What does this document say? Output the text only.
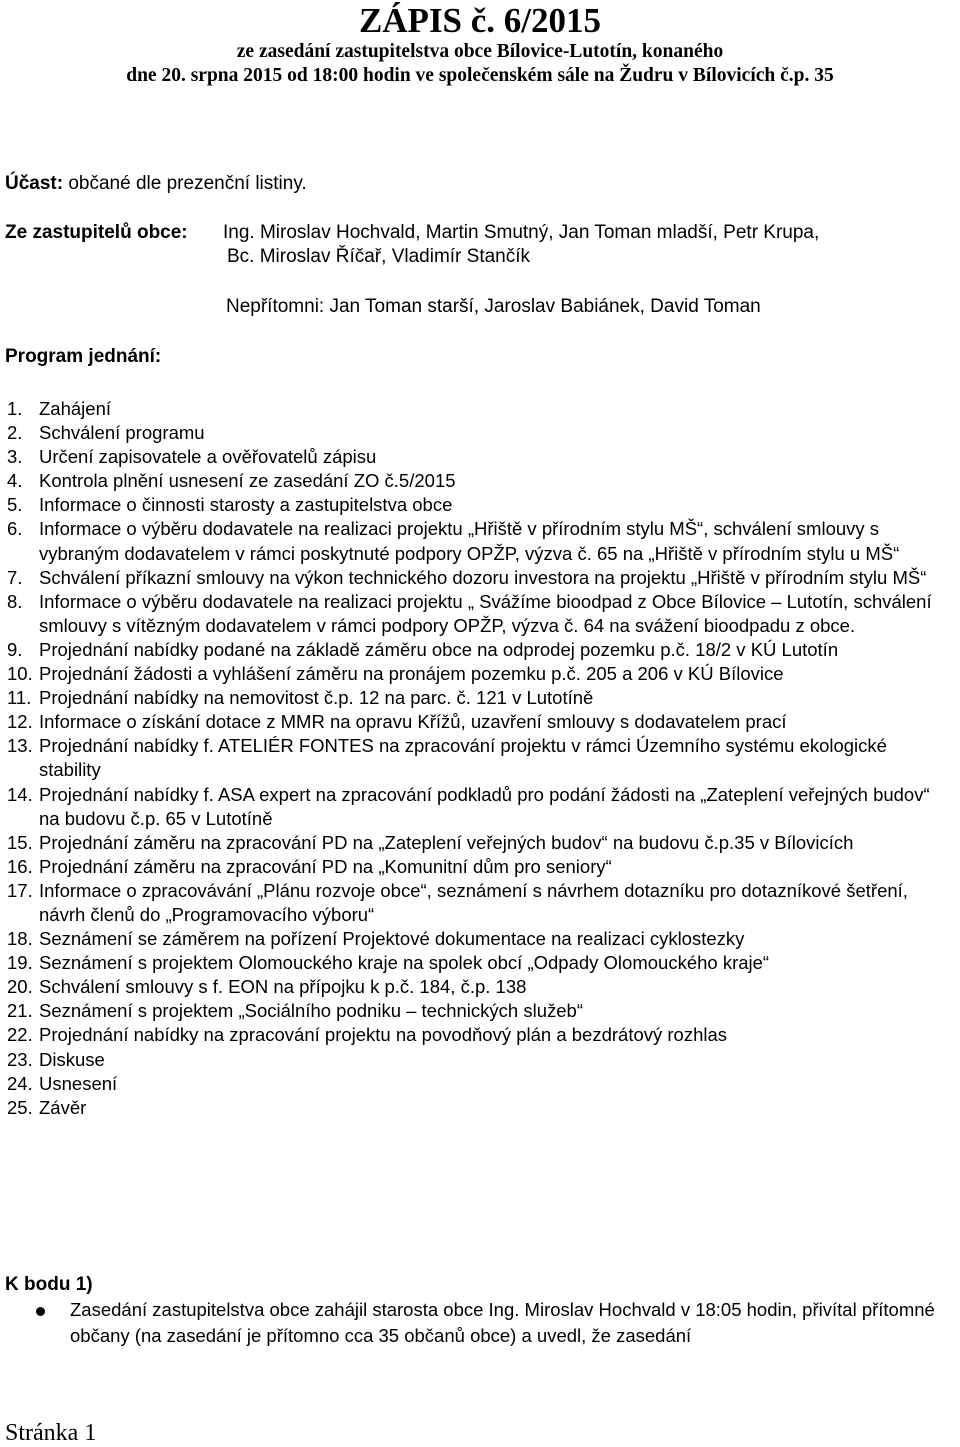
ZÁPIS č. 6/2015
ze zasedání zastupitelstva obce Bílovice-Lutotín, konaného
dne 20. srpna 2015 od 18:00 hodin ve společenském sále na Žudru v Bílovicích č.p. 35
Účast: občané dle prezenční listiny.
Ze zastupitelů obce: Ing. Miroslav Hochvald, Martin Smutný, Jan Toman mladší, Petr Krupa,
Bc. Miroslav Říčař, Vladimír Stančík
Nepřítomni: Jan Toman starší, Jaroslav Babiánek, David Toman
Program jednání:
1. Zahájení
2. Schválení programu
3. Určení zapisovatele a ověřovatelů zápisu
4. Kontrola plnění usnesení ze zasedání ZO č.5/2015
5. Informace o činnosti starosty a zastupitelstva obce
6. Informace o výběru dodavatele na realizaci projektu „Hřiště v přírodním stylu MŠ“, schválení smlouvy s vybraným dodavatelem v rámci poskytnuté podpory OPŽP, výzva č. 65 na „Hřiště v přírodním stylu u MŠ“
7. Schválení příkazní smlouvy na výkon technického dozoru investora na projektu „Hřiště v přírodním stylu MŠ“
8. Informace o výběru dodavatele na realizaci projektu „ Svážíme bioodpad z Obce Bílovice – Lutotín, schválení smlouvy s vítězným dodavatelem v rámci podpory OPŽP, výzva č. 64 na svážení bioodpadu z obce.
9. Projednání nabídky podané na základě záměru obce na odprodej pozemku p.č. 18/2 v KÚ Lutotín
10. Projednání žádosti a vyhlášení záměru na pronájem pozemku p.č. 205 a 206 v KÚ Bílovice
11. Projednání nabídky na nemovitost č.p. 12 na parc. č. 121 v Lutotíně
12. Informace o získání dotace z MMR na opravu Křížů, uzavření smlouvy s dodavatelem prací
13. Projednání nabídky f. ATELIÉR FONTES na zpracování projektu v rámci Územního systému ekologické stability
14. Projednání nabídky f. ASA expert na zpracování podkladů pro podání žádosti na „Zateplení veřejných budov“ na budovu č.p. 65 v Lutotíně
15. Projednání záměru na zpracování PD na „Zateplení veřejných budov“ na budovu č.p.35 v Bílovicích
16. Projednání záměru na zpracování PD na „Komunitní dům pro seniory“
17. Informace o zpracovávání „Plánu rozvoje obce“, seznámení s návrhem dotazníku pro dotazníkové šetření, návrh členů do „Programovacího výboru“
18. Seznámení se záměrem na pořízení Projektové dokumentace na realizaci cyklostezky
19. Seznámení s projektem Olomouckého kraje na spolek obcí „Odpady Olomouckého kraje“
20. Schválení smlouvy s f. EON na přípojku k p.č. 184, č.p. 138
21. Seznámení s projektem „Sociálního podniku – technických služeb“
22. Projednání nabídky na zpracování projektu na povodňový plán a bezdrátový rozhlas
23. Diskuse
24. Usnesení
25. Závěr
K bodu 1)
Zasedání zastupitelstva obce zahájil starosta obce Ing. Miroslav Hochvald v 18:05 hodin, přivítal přítomné občany (na zasedání je přítomno cca 35 občanů obce) a uvedl, že zasedání
Stránka 1
